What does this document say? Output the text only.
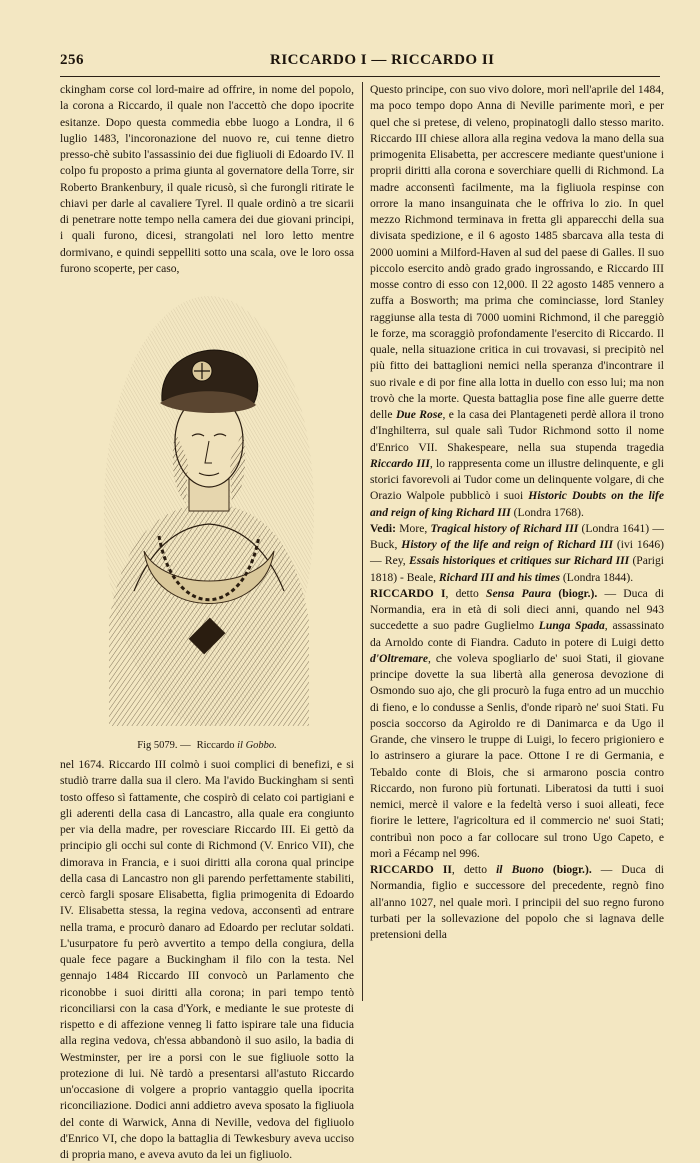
256	RICCARDO I — RICCARDO II

ckingham corse col lord-maire ad offrire, in nome del popolo, la corona a Riccardo, il quale non l'accettò che dopo ipocrite esitanze. Dopo questa commedia ebbe luogo a Londra, il 6 luglio 1483, l'incoronazione del nuovo re, cui tenne dietro presso-chè subito l'assassinio dei due figliuoli di Edoardo IV. Il colpo fu proposto a prima giunta al governatore della Torre, sir Roberto Brankenbury, il quale ricusò, sì che furongli ritirate le chiavi per darle al cavaliere Tyrel. Il quale ordinò a tre sicarii di penetrare notte tempo nella camera dei due giovani principi, i quali furono, dicesi, strangolati nel loro letto mentre dormivano, e quindi seppelliti sotto una scala, ove le loro ossa furono scoperte, per caso,

Fig 5079. — Riccardo il Gobbo.

nel 1674. Riccardo III colmò i suoi complici di benefizi, e si studiò trarre dalla sua il clero. Ma l'avido Buckingham si sentì tosto offeso sì fattamente, che cospirò di celato coi partigiani e gli aderenti della casa di Lancastro, alla quale era congiunto per via della madre, per rovesciare Riccardo III. Ei gettò da principio gli occhi sul conte di Richmond (V. Enrico VII), che dimorava in Francia, e i suoi diritti alla corona qual principe della casa di Lancastro non gli parendo perfettamente stabiliti, cercò fargli sposare Elisabetta, figlia primogenita di Edoardo IV. Elisabetta stessa, la regina vedova, acconsentì ad entrare nella trama, e procurò danaro ad Edoardo per reclutar soldati. L'usurpatore fu però avvertito a tempo della congiura, della quale fece pagare a Buckingham il filo con la testa. Nel gennajo 1484 Riccardo III convocò un Parlamento che riconobbe i suoi diritti alla corona; in pari tempo tentò riconciliarsi con la casa d'York, e mediante le sue proteste di rispetto e di affezione venneg li fatto ispirare tale una fiducia alla regina vedova, ch'essa abbandonò il suo asilo, la badia di Westminster, per ire a porsi con le sue figliuole sotto la protezione di lui. Nè tardò a presentarsi all'astuto Riccardo un'occasione di volgere a proprio vantaggio quella ipocrita riconciliazione. Dodici anni addietro aveva sposato la figliuola del conte di Warwick, Anna di Neville, vedova del figliuolo d'Enrico VI, che dopo la battaglia di Tewkesbury aveva ucciso di propria mano, e aveva avuto da lei un figliuolo.

Questo principe, con suo vivo dolore, morì nell'aprile del 1484, ma poco tempo dopo Anna di Neville parimente morì, e per quel che si pretese, di veleno, propinatogli dallo stesso marito. Riccardo III chiese allora alla regina vedova la mano della sua primogenita Elisabetta, per accrescere mediante quest'unione i proprii diritti alla corona e soverchiare quelli di Richmond. La madre acconsentì facilmente, ma la figliuola respinse con orrore la mano insanguinata che le offriva lo zio. In quel mezzo Richmond terminava in fretta gli apparecchi della sua divisata spedizione, e il 6 agosto 1485 sbarcava alla testa di 2000 uomini a Milford-Haven al sud del paese di Galles. Il suo piccolo esercito andò grado grado ingrossando, e Riccardo III mosse contro di esso con 12,000. Il 22 agosto 1485 vennero a zuffa a Bosworth; ma prima che cominciasse, lord Stanley raggiunse alla testa di 7000 uomini Richmond, il che pareggiò le forze, ma scoraggiò profondamente l'esercito di Riccardo. Il quale, nella situazione critica in cui trovavasi, si precipitò nel più fitto dei battaglioni nemici nella speranza d'incontrare il suo rivale e di por fine alla lotta in duello con esso lui; ma non trovò che la morte. Questa battaglia pose fine alle guerre dette delle Due Rose, e la casa dei Plantageneti perdè allora il trono d'Inghilterra, sul quale salì Tudor Richmond sotto il nome d'Enrico VII. Shakespeare, nella sua stupenda tragedia Riccardo III, lo rappresenta come un illustre delinquente, e gli storici favorevoli ai Tudor come un delinquente volgare, di che Orazio Walpole pubblicò i suoi Historic Doubts on the life and reign of king Richard III (Londra 1768).

Vedi: More, Tragical history of Richard III (Londra 1641) — Buck, History of the life and reign of Richard III (ivi 1646) — Rey, Essais historiques et critiques sur Richard III (Parigi 1818) - Beale, Richard III and his times (Londra 1844).

RICCARDO I, detto Sensa Paura (biogr.). — Duca di Normandia, era in età di soli dieci anni, quando nel 943 succedette a suo padre Guglielmo Lunga Spada, assassinato da Arnoldo conte di Fiandra. Caduto in potere di Luigi detto d'Oltremare, che voleva spogliarlo de' suoi Stati, il giovane principe dovette la sua libertà alla generosa devozione di Osmondo suo ajo, che gli procurò la fuga entro ad un mucchio di fieno, e lo condusse a Senlis, d'onde riparò ne' suoi Stati. Fu poscia soccorso da Agiroldo re di Danimarca e da Ugo il Grande, che vinsero le truppe di Luigi, lo fecero prigioniero e lo astrinsero a giurare la pace. Ottone I re di Germania, e Tebaldo conte di Blois, che si armarono poscia contro Riccardo, non furono più fortunati. Liberatosi da tutti i suoi nemici, mercè il valore e la fedeltà verso i suoi alleati, fece fiorire le lettere, l'agricoltura ed il commercio ne' suoi Stati; contribuì non poco a far collocare sul trono Ugo Capeto, e morì a Fécamp nel 996.

RICCARDO II, detto il Buono (biogr.). — Duca di Normandia, figlio e successore del precedente, regnò fino all'anno 1027, nel quale morì. I principii del suo regno furono turbati per la sollevazione del popolo che si lagnava delle pretensioni della
